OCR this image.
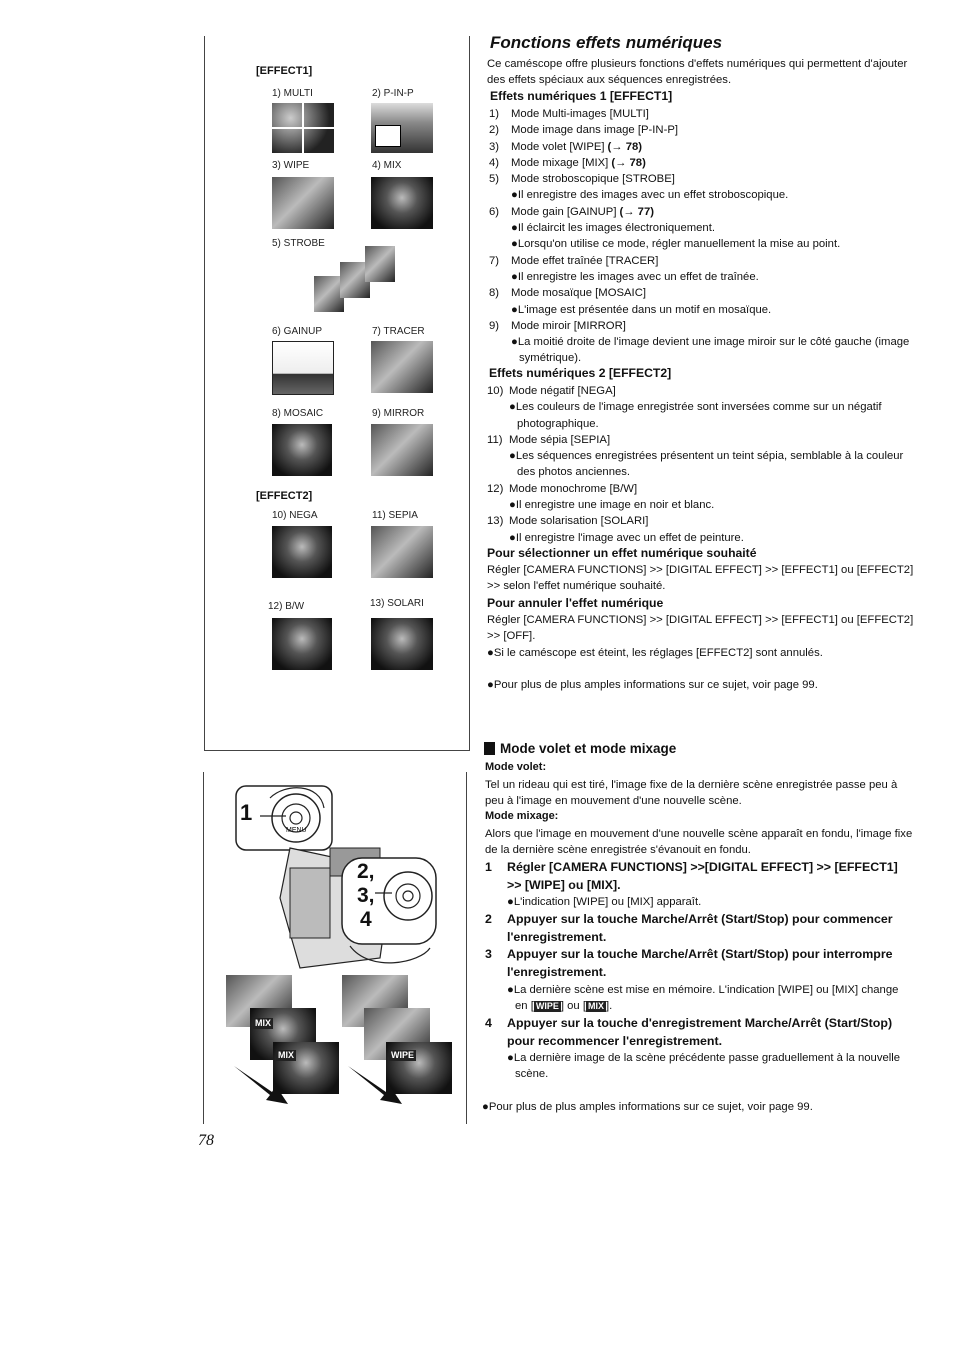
[EFFECT1]
1) MULTI	2) P-IN-P
3) WIPE	4) MIX
5) STROBE
6) GAINUP	7) TRACER
8) MOSAIC	9) MIRROR
[EFFECT2]
10) NEGA	11) SEPIA
12) B/W	13) SOLARI
1
MENU
2,
3,
4
MIX
MIX	WIPE
78
Fonctions effets numériques
Ce caméscope offre plusieurs fonctions d'effets numériques qui permettent d'ajouter
des effets spéciaux aux séquences enregistrées.
Effets numériques 1 [EFFECT1]
1) Mode Multi-images [MULTI]
2) Mode image dans image [P-IN-P]
3) Mode volet [WIPE] (→ 78)
4) Mode mixage [MIX] (→ 78)
5) Mode stroboscopique [STROBE]
●Il enregistre des images avec un effet stroboscopique.
6) Mode gain [GAINUP] (→ 77)
●Il éclaircit les images électroniquement.
●Lorsqu'on utilise ce mode, régler manuellement la mise au point.
7) Mode effet traînée [TRACER]
●Il enregistre les images avec un effet de traînée.
8) Mode mosaïque [MOSAIC]
●L'image est présentée dans un motif en mosaïque.
9) Mode miroir [MIRROR]
●La moitié droite de l'image devient une image miroir sur le côté gauche (image
symétrique).
Effets numériques 2 [EFFECT2]
10) Mode négatif [NEGA]
●Les couleurs de l'image enregistrée sont inversées comme sur un négatif
photographique.
11) Mode sépia [SEPIA]
●Les séquences enregistrées présentent un teint sépia, semblable à la couleur
des photos anciennes.
12) Mode monochrome [B/W]
●Il enregistre une image en noir et blanc.
13) Mode solarisation [SOLARI]
●Il enregistre l'image avec un effet de peinture.
Pour sélectionner un effet numérique souhaité
Régler [CAMERA FUNCTIONS] >> [DIGITAL EFFECT] >> [EFFECT1] ou [EFFECT2]
>> selon l'effet numérique souhaité.
Pour annuler l'effet numérique
Régler [CAMERA FUNCTIONS] >> [DIGITAL EFFECT] >> [EFFECT1] ou [EFFECT2]
>> [OFF].
●Si le caméscope est éteint, les réglages [EFFECT2] sont annulés.
●Pour plus de plus amples informations sur ce sujet, voir page 99.
Mode volet et mode mixage
Mode volet:
Tel un rideau qui est tiré, l'image fixe de la dernière scène enregistrée passe peu à
peu à l'image en mouvement d'une nouvelle scène.
Mode mixage:
Alors que l'image en mouvement d'une nouvelle scène apparaît en fondu, l'image fixe
de la dernière scène enregistrée s'évanouit en fondu.
1 Régler [CAMERA FUNCTIONS] >>[DIGITAL EFFECT] >> [EFFECT1]
>> [WIPE] ou [MIX].
●L'indication [WIPE] ou [MIX] apparaît.
2 Appuyer sur la touche Marche/Arrêt (Start/Stop) pour commencer
l'enregistrement.
3 Appuyer sur la touche Marche/Arrêt (Start/Stop) pour interrompre
l'enregistrement.
●La dernière scène est mise en mémoire. L'indication [WIPE] ou [MIX] change
en [ WIPE ] ou [ MIX ].
4 Appuyer sur la touche d'enregistrement Marche/Arrêt (Start/Stop)
pour recommencer l'enregistrement.
●La dernière image de la scène précédente passe graduellement à la nouvelle
scène.
●Pour plus de plus amples informations sur ce sujet, voir page 99.
